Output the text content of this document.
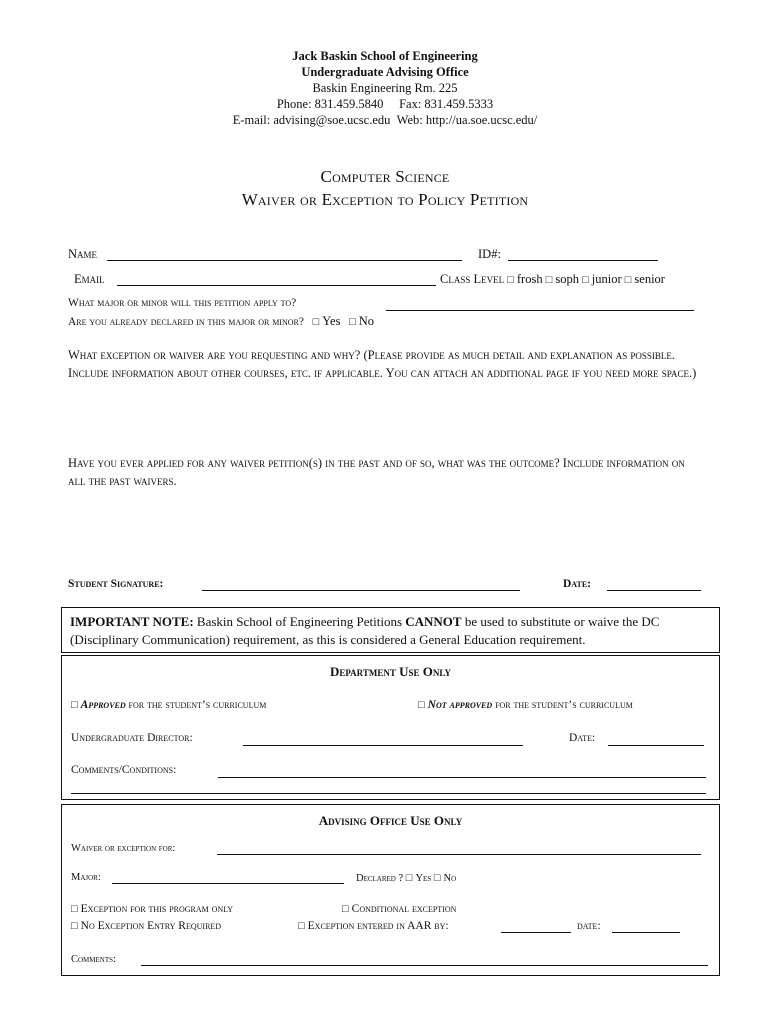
Jack Baskin School of Engineering
Undergraduate Advising Office
Baskin Engineering Rm. 225
Phone: 831.459.5840 Fax: 831.459.5333
E-mail: advising@soe.ucsc.edu Web: http://ua.soe.ucsc.edu/
Computer Science
Waiver or Exception to Policy Petition
Name	ID#:
Email	Class Level □ frosh □ soph □ junior □ senior
What major or minor will this petition apply to?
Are you already declared in this major or minor? □ Yes □ No
What exception or waiver are you requesting and why? (Please provide as much detail and explanation as possible. Include information about other courses, etc. if applicable. You can attach an additional page if you need more space.)
Have you ever applied for any waiver petition(s) in the past and of so, what was the outcome? Include information on all the past waivers.
Student Signature:	Date:
IMPORTANT NOTE: Baskin School of Engineering Petitions CANNOT be used to substitute or waive the DC
(Disciplinary Communication) requirement, as this is considered a General Education requirement.
Department Use Only
□ Approved for the student’s curriculum	□ Not approved for the student’s curriculum
Undergraduate Director:	Date:
Comments/Conditions:
Advising Office Use Only
Waiver or exception for:
Major:	Declared ? □ Yes □ No
□ Exception for this program only	□ Conditional exception
□ No Exception Entry Required	□ Exception entered in AAR by:	date:
Comments:
